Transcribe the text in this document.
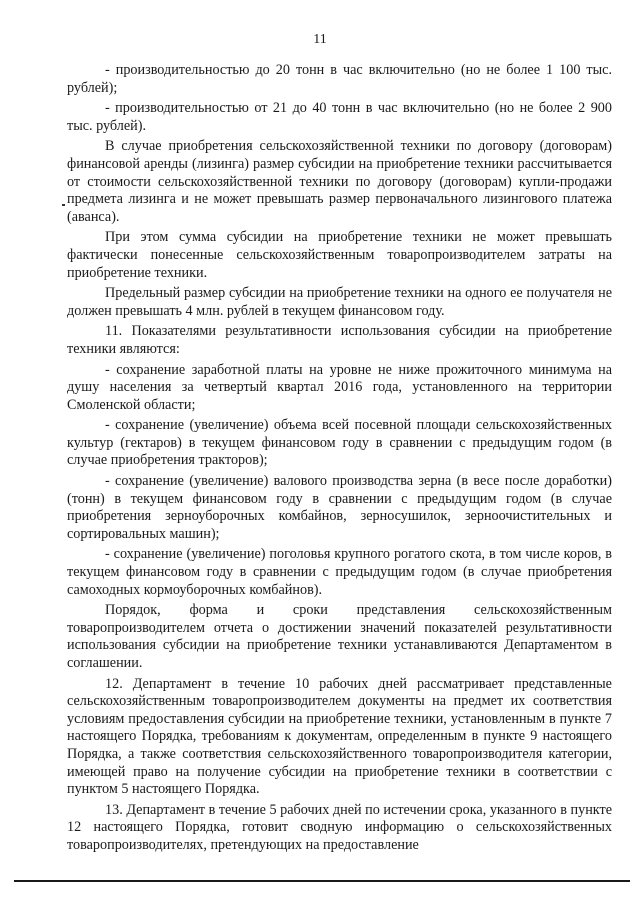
11

- производительностью до 20 тонн в час включительно (но не более 1 100 тыс. рублей);

- производительностью от 21 до 40 тонн в час включительно (но не более 2 900 тыс. рублей).

В случае приобретения сельскохозяйственной техники по договору (договорам) финансовой аренды (лизинга) размер субсидии на приобретение техники рассчитывается от стоимости сельскохозяйственной техники по договору (договорам) купли-продажи предмета лизинга и не может превышать размер первоначального лизингового платежа (аванса).

При этом сумма субсидии на приобретение техники не может превышать фактически понесенные сельскохозяйственным товаропроизводителем затраты на приобретение техники.

Предельный размер субсидии на приобретение техники на одного ее получателя не должен превышать 4 млн. рублей в текущем финансовом году.

11. Показателями результативности использования субсидии на приобретение техники являются:

- сохранение заработной платы на уровне не ниже прожиточного минимума на душу населения за четвертый квартал 2016 года, установленного на территории Смоленской области;

- сохранение (увеличение) объема всей посевной площади сельскохозяйственных культур (гектаров) в текущем финансовом году в сравнении с предыдущим годом (в случае приобретения тракторов);

- сохранение (увеличение) валового производства зерна (в весе после доработки) (тонн) в текущем финансовом году в сравнении с предыдущим годом (в случае приобретения зерноуборочных комбайнов, зерносушилок, зерноочистительных и сортировальных машин);

- сохранение (увеличение) поголовья крупного рогатого скота, в том числе коров, в текущем финансовом году в сравнении с предыдущим годом (в случае приобретения самоходных кормоуборочных комбайнов).

Порядок, форма и сроки представления сельскохозяйственным товаропроизводителем отчета о достижении значений показателей результативности использования субсидии на приобретение техники устанавливаются Департаментом в соглашении.

12. Департамент в течение 10 рабочих дней рассматривает представленные сельскохозяйственным товаропроизводителем документы на предмет их соответствия условиям предоставления субсидии на приобретение техники, установленным в пункте 7 настоящего Порядка, требованиям к документам, определенным в пункте 9 настоящего Порядка, а также соответствия сельскохозяйственного товаропроизводителя категории, имеющей право на получение субсидии на приобретение техники в соответствии с пунктом 5 настоящего Порядка.

13. Департамент в течение 5 рабочих дней по истечении срока, указанного в пункте 12 настоящего Порядка, готовит сводную информацию о сельскохозяйственных товаропроизводителях, претендующих на предоставление
